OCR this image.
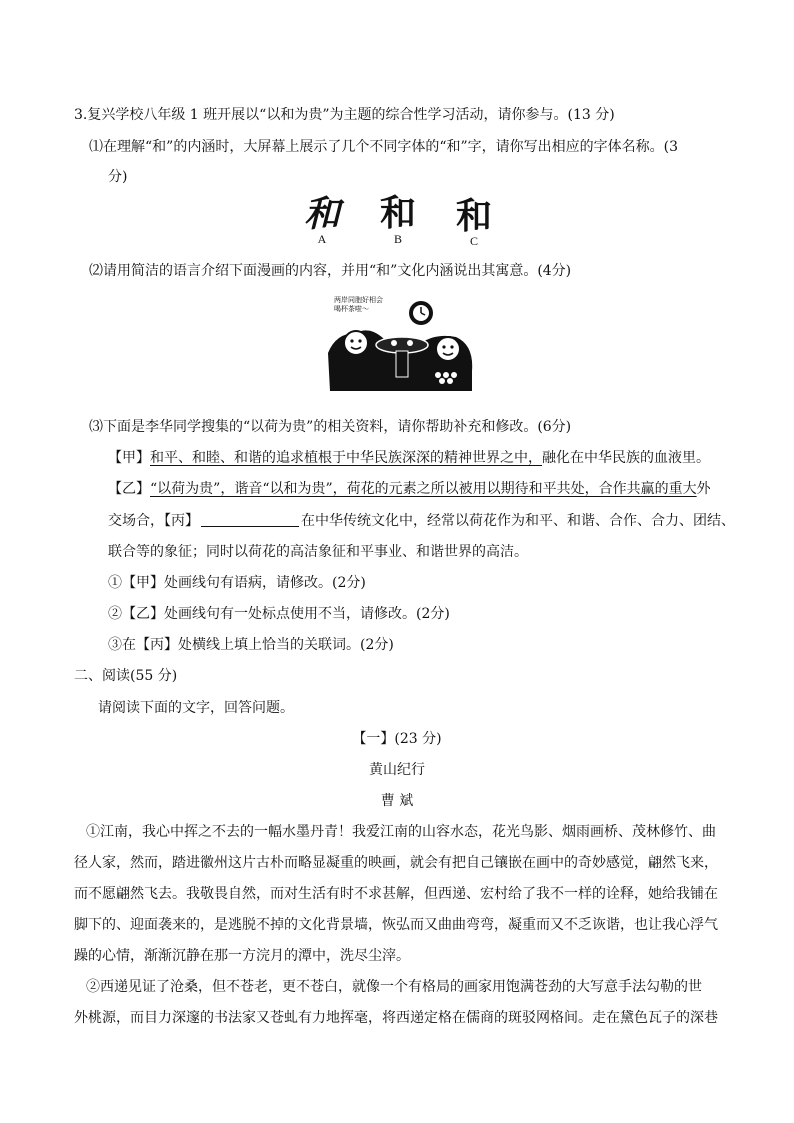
3.复兴学校八年级 1 班开展以“以和为贵”为主题的综合性学习活动，请你参与。(13 分)
⑴在理解“和”的内涵时，大屏幕上展示了几个不同字体的“和”字，请你写出相应的字体名称。(3
分)
和
A
和
B
和
C
⑵请用简洁的语言介绍下面漫画的内容，并用“和”文化内涵说出其寓意。(4分)
两岸同胞好相会
喝杯茶啦～
⑶下面是李华同学搜集的“以荷为贵”的相关资料，请你帮助补充和修改。(6分)
【甲】和平、和睦、和谐的追求植根于中华民族深深的精神世界之中，融化在中华民族的血液里。
【乙】“以荷为贵”，谐音“以和为贵”，荷花的元素之所以被用以期待和平共处，合作共赢的重大外
交场合，【丙】	在中华传统文化中，经常以荷花作为和平、和谐、合作、合力、团结、
联合等的象征；同时以荷花的高洁象征和平事业、和谐世界的高洁。
①【甲】处画线句有语病，请修改。(2分)
②【乙】处画线句有一处标点使用不当，请修改。(2分)
③在【丙】处横线上填上恰当的关联词。(2分)
二、阅读(55 分)
请阅读下面的文字，回答问题。
【一】(23 分)
黄山纪行
曹 斌
①江南，我心中挥之不去的一幅水墨丹青！我爱江南的山容水态，花光鸟影、烟雨画桥、茂林修竹、曲
径人家，然而，踏进徽州这片古朴而略显凝重的映画，就会有把自己镶嵌在画中的奇妙感觉，翩然飞来，
而不愿翩然飞去。我敬畏自然，而对生活有时不求甚解，但西递、宏村给了我不一样的诠释，她给我铺在
脚下的、迎面袭来的，是逃脱不掉的文化背景墙，恢弘而又曲曲弯弯，凝重而又不乏诙谐，也让我心浮气
躁的心情，渐渐沉静在那一方浣月的潭中，洗尽尘滓。
②西递见证了沧桑，但不苍老，更不苍白，就像一个有格局的画家用饱满苍劲的大写意手法勾勒的世
外桃源，而目力深邃的书法家又苍虬有力地挥毫，将西递定格在儒商的斑驳网格间。走在黛色瓦子的深巷
